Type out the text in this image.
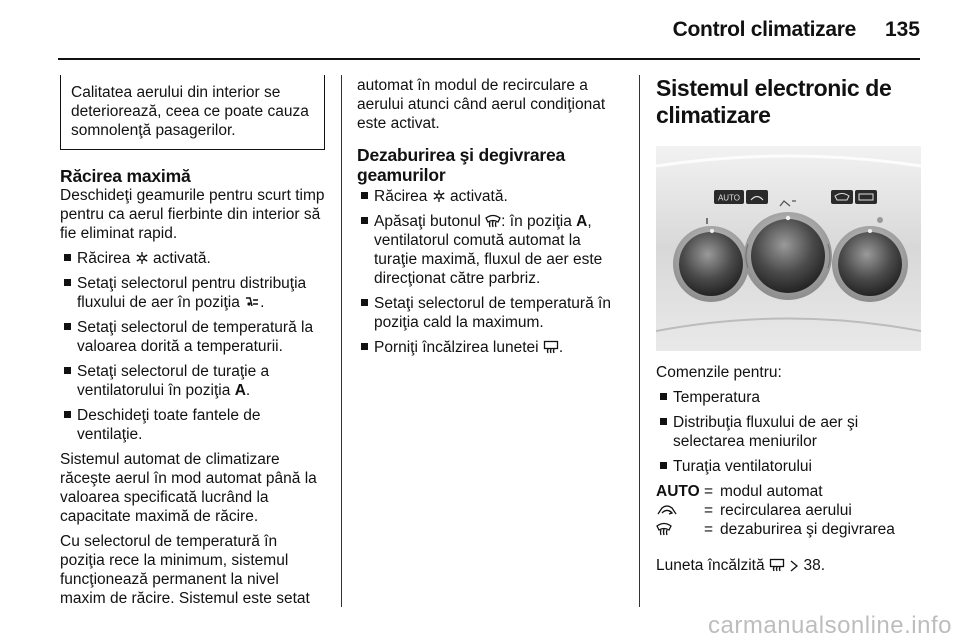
Control climatizare 135
Calitatea aerului din interior se deteriorează, ceea ce poate cauza somnolenţă pasagerilor.
Răcirea maximă

Deschideţi geamurile pentru scurt timp pentru ca aerul fierbinte din interior să fie eliminat rapid.

Răcirea activată.
Setaţi selectorul pentru distribuţia fluxului de aer în poziţia .
Setaţi selectorul de temperatură la valoarea dorită a temperaturii.
Setaţi selectorul de turaţie a ventilatorului în poziţia A.
Deschideţi toate fantele de ventilaţie.

Sistemul automat de climatizare răceşte aerul în mod automat până la valoarea specificată lucrând la capacitate maximă de răcire.

Cu selectorul de temperatură în poziţia rece la minimum, sistemul funcţionează permanent la nivel maxim de răcire. Sistemul este setat

automat în modul de recirculare a aerului atunci când aerul condiţionat este activat.

Dezaburirea şi degivrarea geamurilor
Răcirea activată.
Apăsaţi butonul : în poziţia A, ventilatorul comută automat la turaţie maximă, fluxul de aer este direcţionat către parbriz.
Setaţi selectorul de temperatură în poziţia cald la maximum.
Porniţi încălzirea lunetei .
Sistemul electronic de climatizare
AUTO

Comenzile pentru:

Temperatura
Distribuţia fluxului de aer şi selectarea meniurilor
Turaţia ventilatorului
AUTO	=	modul automat
	=	recircularea aerului
	=	dezaburirea şi degivrarea

Luneta încălzită	38.

carmanualsonline.info
